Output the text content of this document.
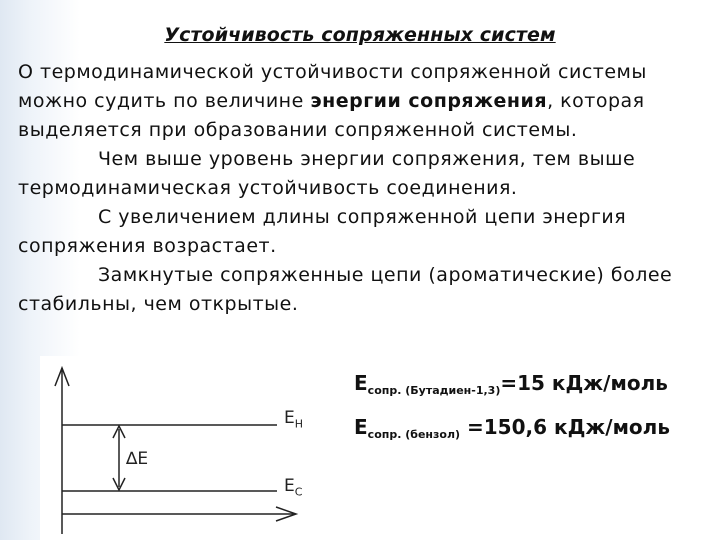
Устойчивость сопряженных систем

О термодинамической устойчивости сопряженной системы можно судить по величине энергии сопряжения, которая выделяется при образовании сопряженной системы.

Чем выше уровень энергии сопряжения, тем выше термодинамическая устойчивость соединения.

С увеличением длины сопряженной цепи энергия сопряжения возрастает.

Замкнутые сопряженные цепи (ароматические) более стабильны, чем открытые.

$Е_Н$
$Е_С$
∆Е
$E_{сопр. (Бутадиен-1,3)}=15$ кДж/моль
$E_{сопр. (бензол)} =150,6$ кДж/моль
